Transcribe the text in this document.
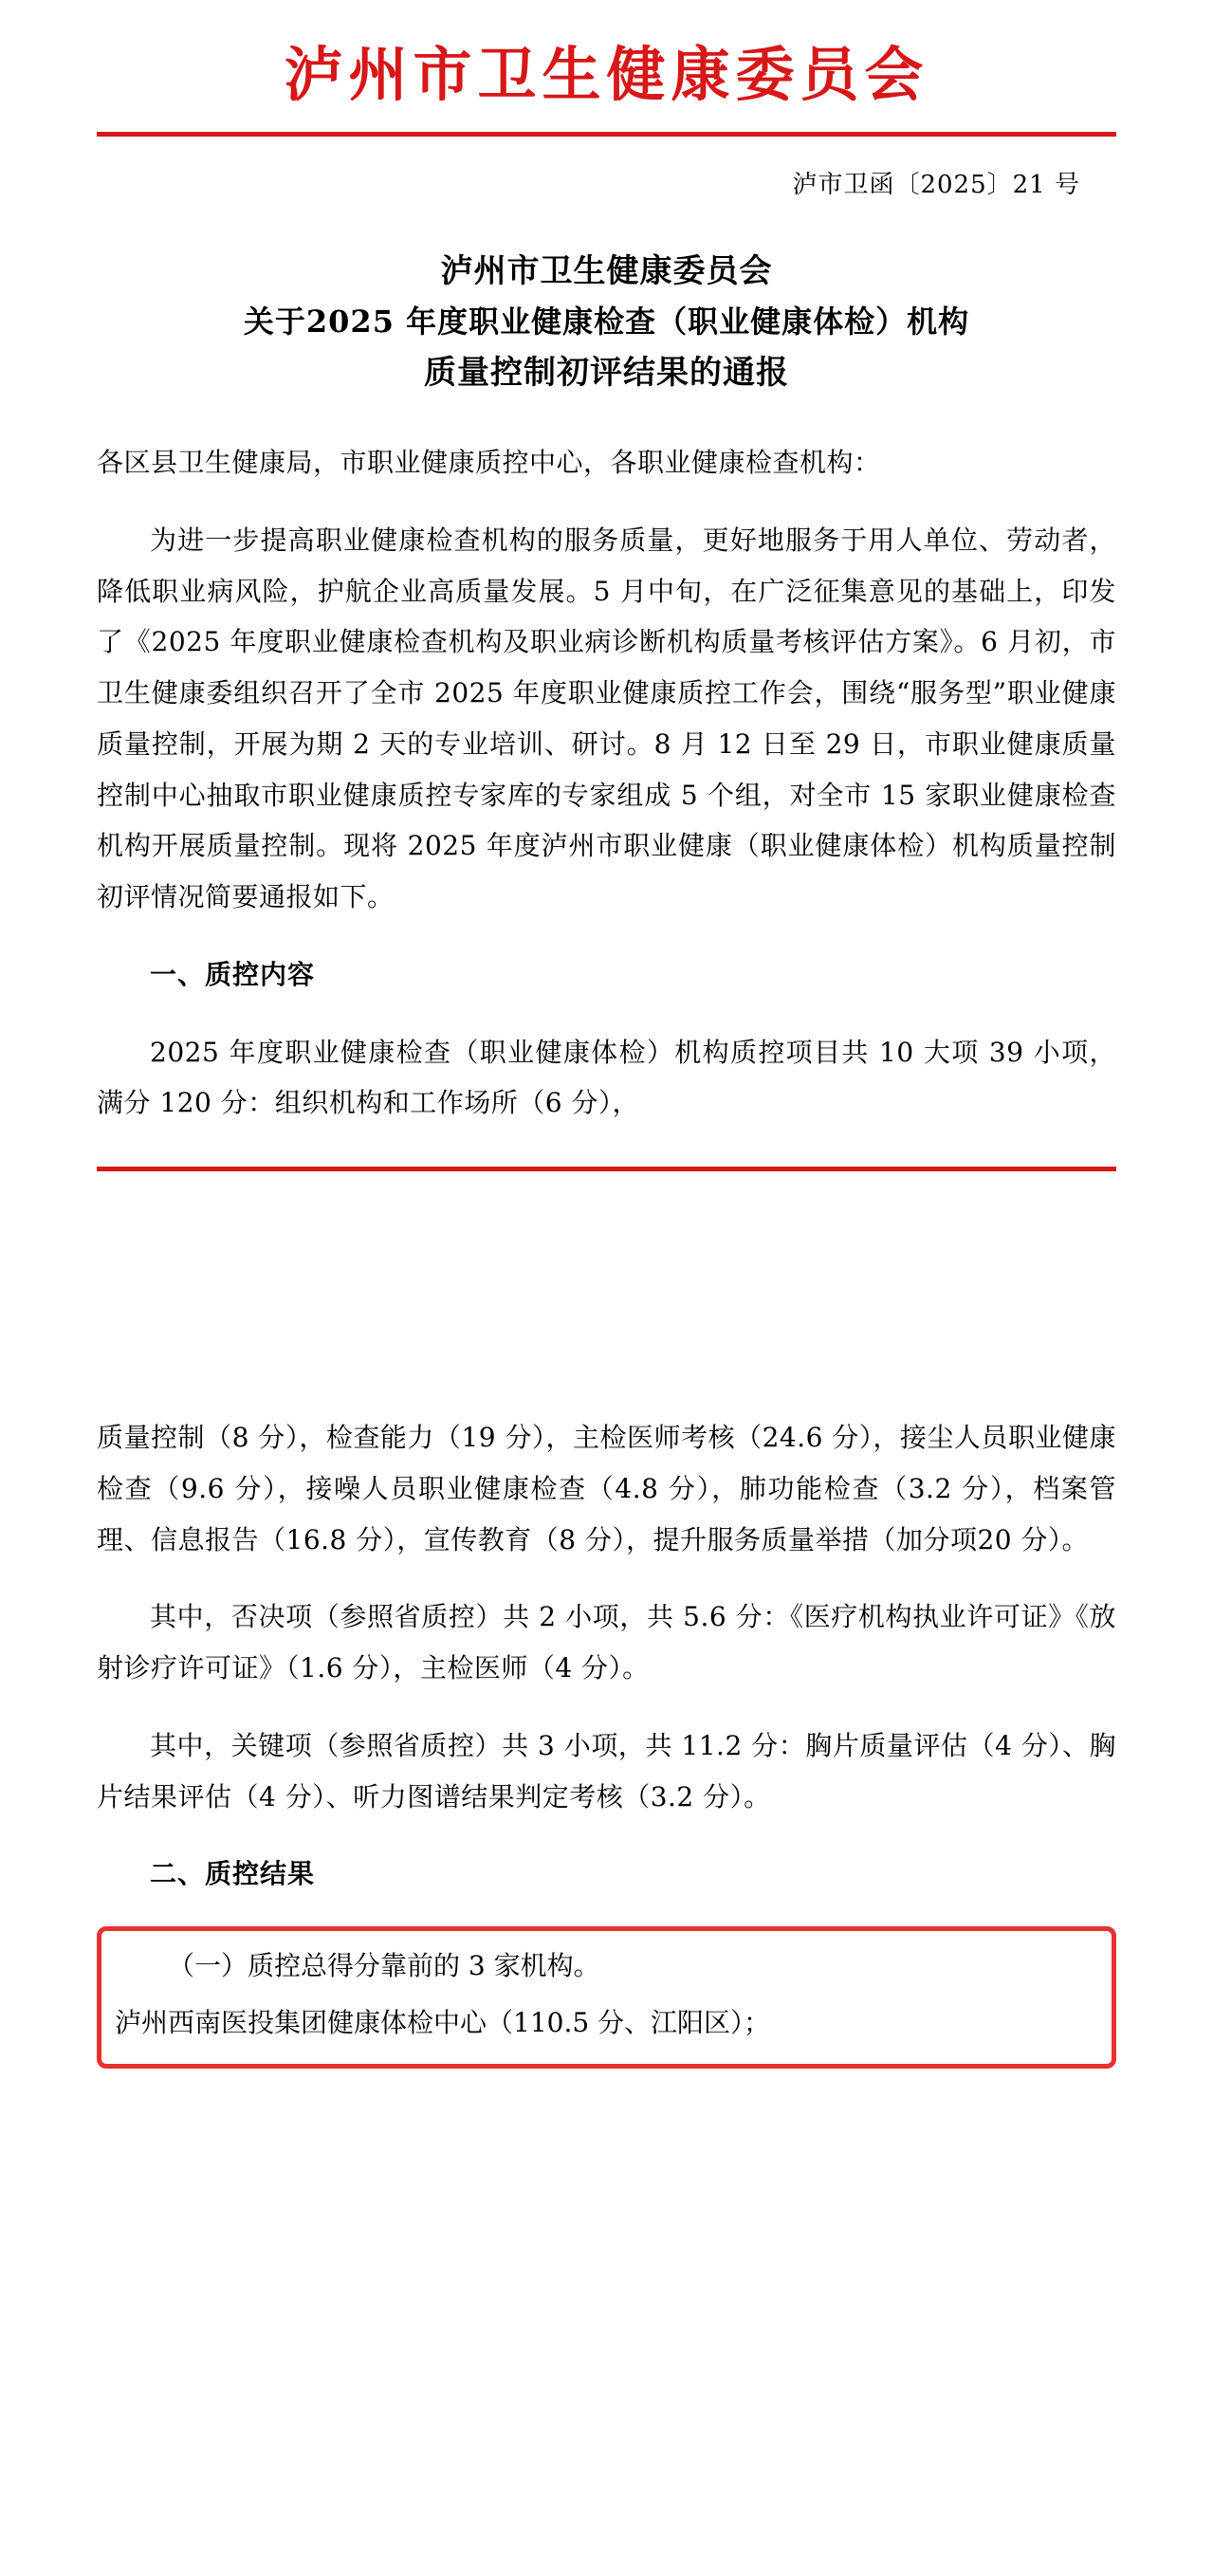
泸州市卫生健康委员会
泸市卫函〔2025〕21 号
泸州市卫生健康委员会
关于2025 年度职业健康检查（职业健康体检）机构
质量控制初评结果的通报

各区县卫生健康局，市职业健康质控中心，各职业健康检查机构：

为进一步提高职业健康检查机构的服务质量，更好地服务于用人单位、劳动者，降低职业病风险，护航企业高质量发展。5 月中旬，在广泛征集意见的基础上，印发了《2025 年度职业健康检查机构及职业病诊断机构质量考核评估方案》。6 月初，市卫生健康委组织召开了全市 2025 年度职业健康质控工作会，围绕“服务型”职业健康质量控制，开展为期 2 天的专业培训、研讨。8 月 12 日至 29 日，市职业健康质量控制中心抽取市职业健康质控专家库的专家组成 5 个组，对全市 15 家职业健康检查机构开展质量控制。现将 2025 年度泸州市职业健康（职业健康体检）机构质量控制初评情况简要通报如下。

一、质控内容

2025 年度职业健康检查（职业健康体检）机构质控项目共 10 大项 39 小项，满分 120 分：组织机构和工作场所（6 分），

质量控制（8 分），检查能力（19 分），主检医师考核（24.6 分），接尘人员职业健康检查（9.6 分），接噪人员职业健康检查（4.8 分），肺功能检查（3.2 分），档案管理、信息报告（16.8 分），宣传教育（8 分），提升服务质量举措（加分项20 分）。

其中，否决项（参照省质控）共 2 小项，共 5.6 分：《医疗机构执业许可证》《放射诊疗许可证》（1.6 分），主检医师（4 分）。

其中，关键项（参照省质控）共 3 小项，共 11.2 分：胸片质量评估（4 分）、胸片结果评估（4 分）、听力图谱结果判定考核（3.2 分）。

二、质控结果

（一）质控总得分靠前的 3 家机构。

泸州西南医投集团健康体检中心（110.5 分、江阳区）；
